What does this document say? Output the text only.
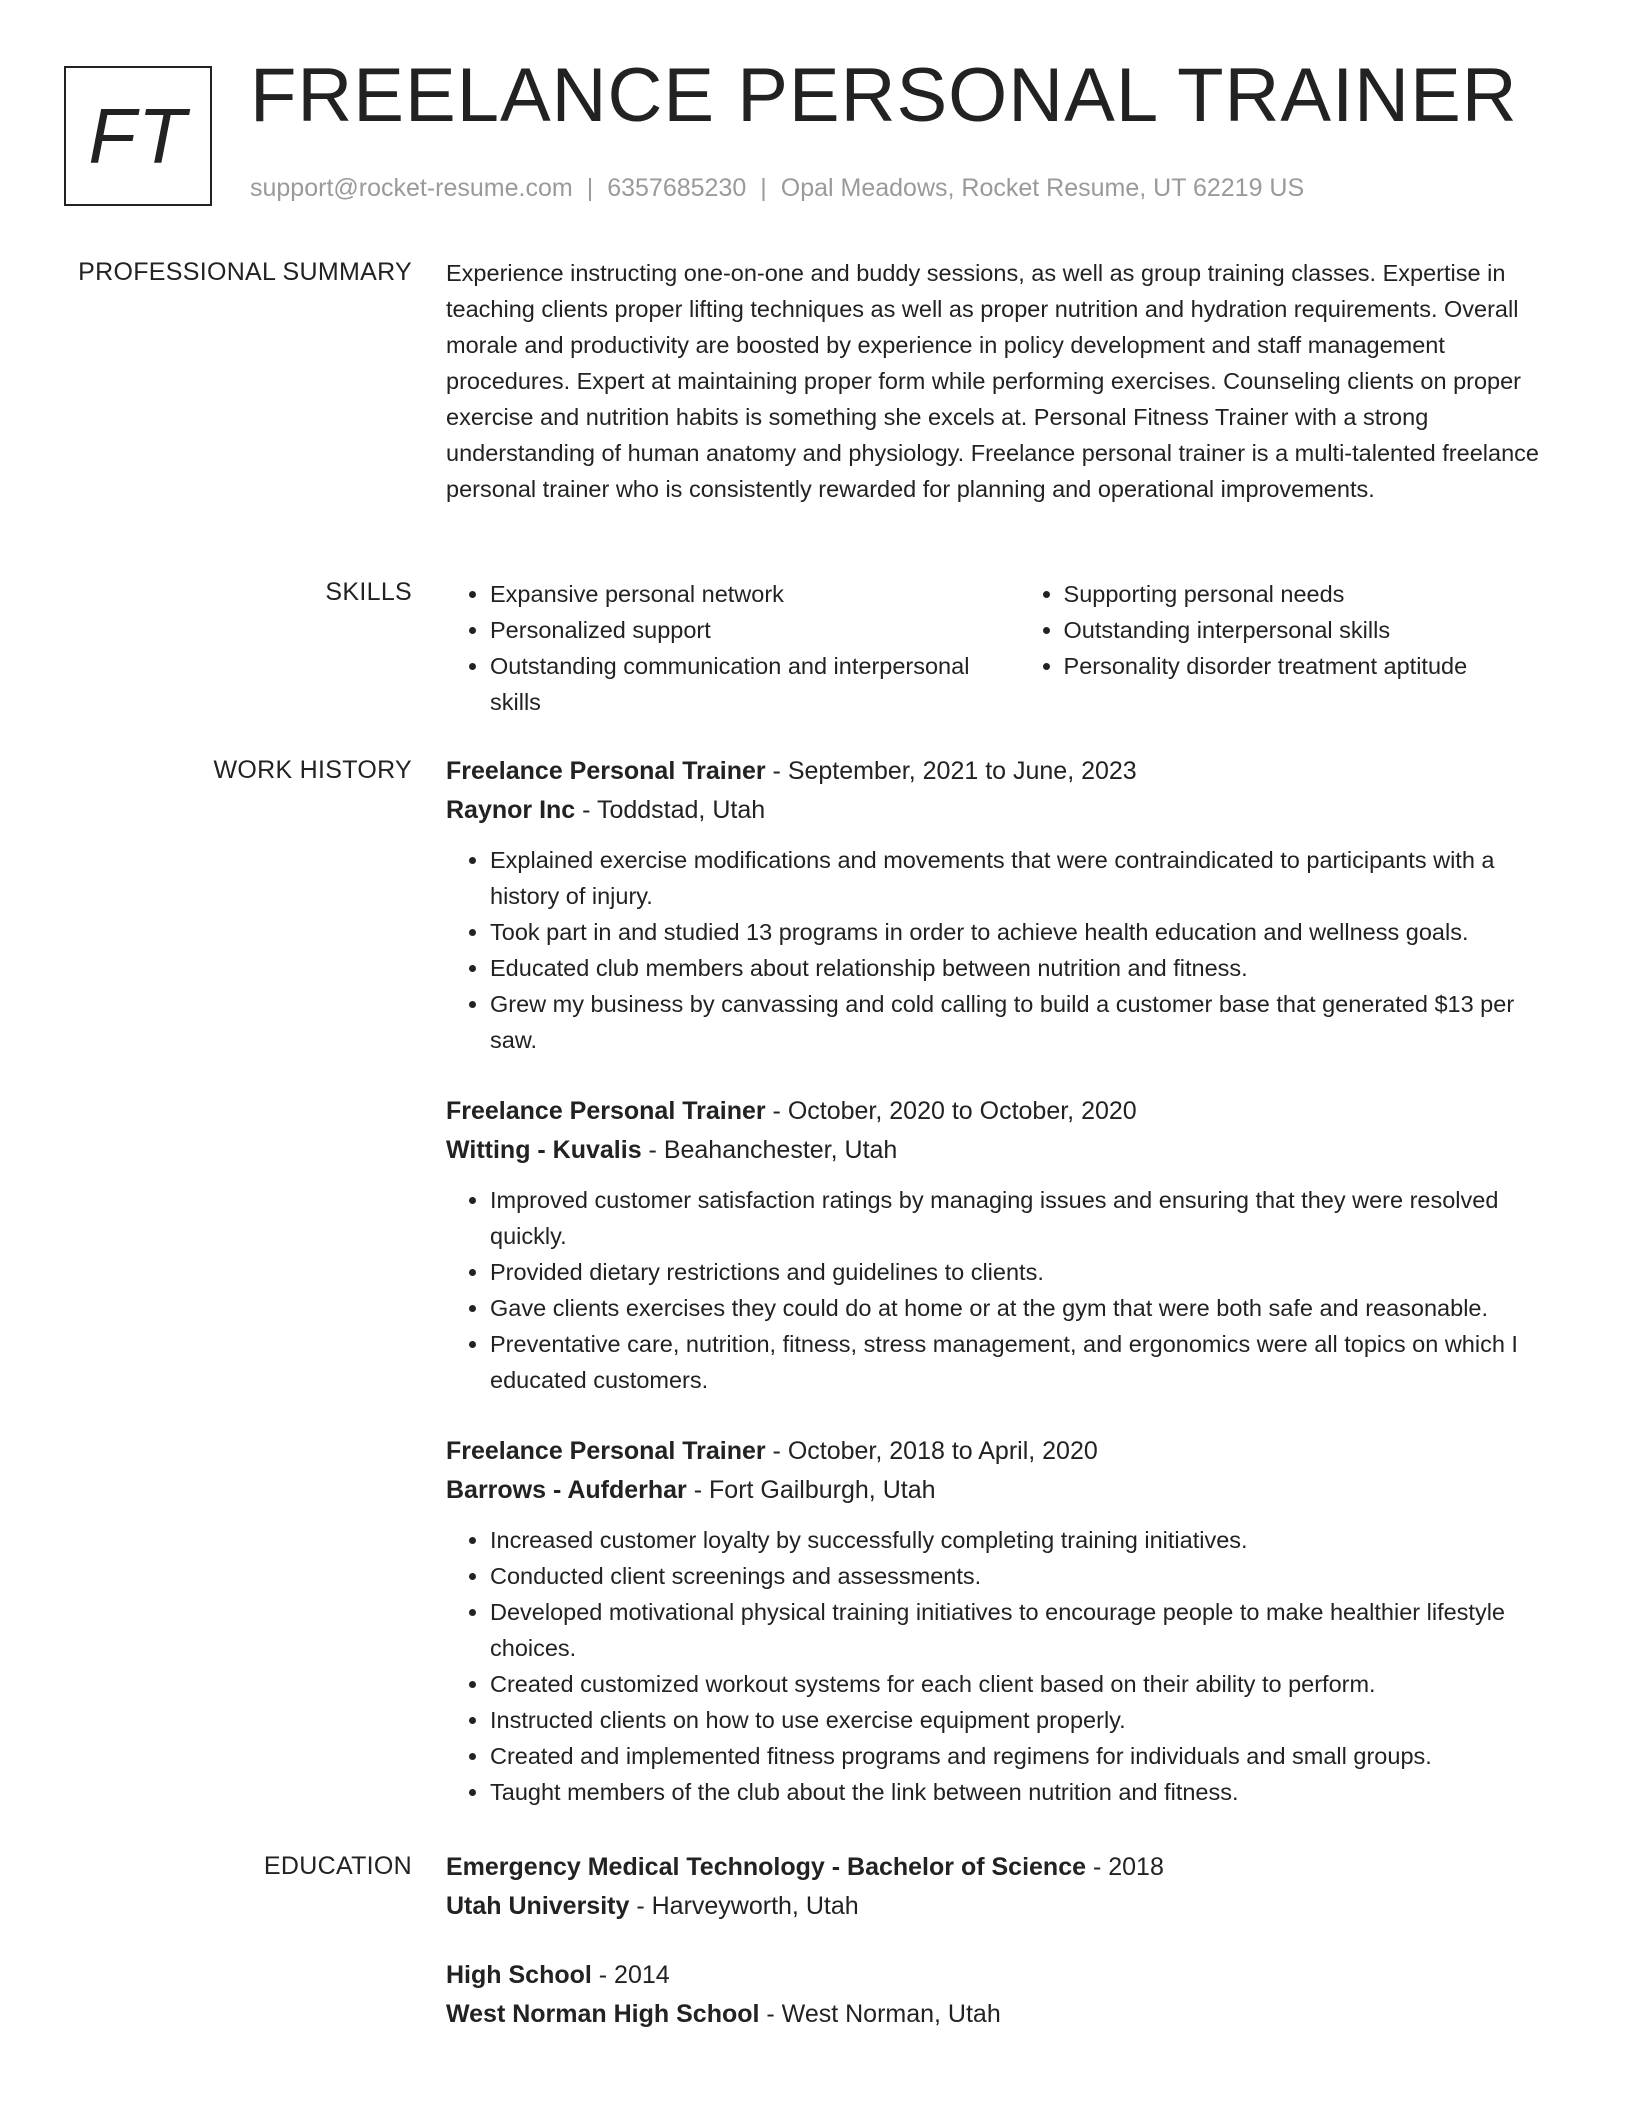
FT FREELANCE PERSONAL TRAINER
support@rocket-resume.com | 6357685230 | Opal Meadows, Rocket Resume, UT 62219 US
PROFESSIONAL SUMMARY Experience instructing one-on-one and buddy sessions, as well as group training classes. Expertise in teaching clients proper lifting techniques as well as proper nutrition and hydration requirements. Overall morale and productivity are boosted by experience in policy development and staff management procedures. Expert at maintaining proper form while performing exercises. Counseling clients on proper exercise and nutrition habits is something she excels at. Personal Fitness Trainer with a strong understanding of human anatomy and physiology. Freelance personal trainer is a multi-talented freelance personal trainer who is consistently rewarded for planning and operational improvements.

SKILLS
•	Expansive personal network
• Personalized support
• Outstanding communication and interpersonal skills
• Supporting personal needs
• Outstanding interpersonal skills
• Personality disorder treatment aptitude
WORK HISTORY Freelance Personal Trainer - September, 2021 to June, 2023
Raynor Inc - Toddstad, Utah
• Explained exercise modifications and movements that were contraindicated to participants with a history of injury.
• Took part in and studied 13 programs in order to achieve health education and wellness goals.
• Educated club members about relationship between nutrition and fitness.
• Grew my business by canvassing and cold calling to build a customer base that generated $13 per saw.
Freelance Personal Trainer - October, 2020 to October, 2020
Witting - Kuvalis - Beahanchester, Utah
• Improved customer satisfaction ratings by managing issues and ensuring that they were resolved quickly.
• Provided dietary restrictions and guidelines to clients.
• Gave clients exercises they could do at home or at the gym that were both safe and reasonable.
• Preventative care, nutrition, fitness, stress management, and ergonomics were all topics on which I educated customers.
Freelance Personal Trainer - October, 2018 to April, 2020
Barrows - Aufderhar - Fort Gailburgh, Utah
• Increased customer loyalty by successfully completing training initiatives.
• Conducted client screenings and assessments.
• Developed motivational physical training initiatives to encourage people to make healthier lifestyle choices.
• Created customized workout systems for each client based on their ability to perform.
• Instructed clients on how to use exercise equipment properly.
• Created and implemented fitness programs and regimens for individuals and small groups.
• Taught members of the club about the link between nutrition and fitness.
EDUCATION Emergency Medical Technology - Bachelor of Science - 2018
Utah University - Harveyworth, Utah
High School - 2014
West Norman High School - West Norman, Utah
